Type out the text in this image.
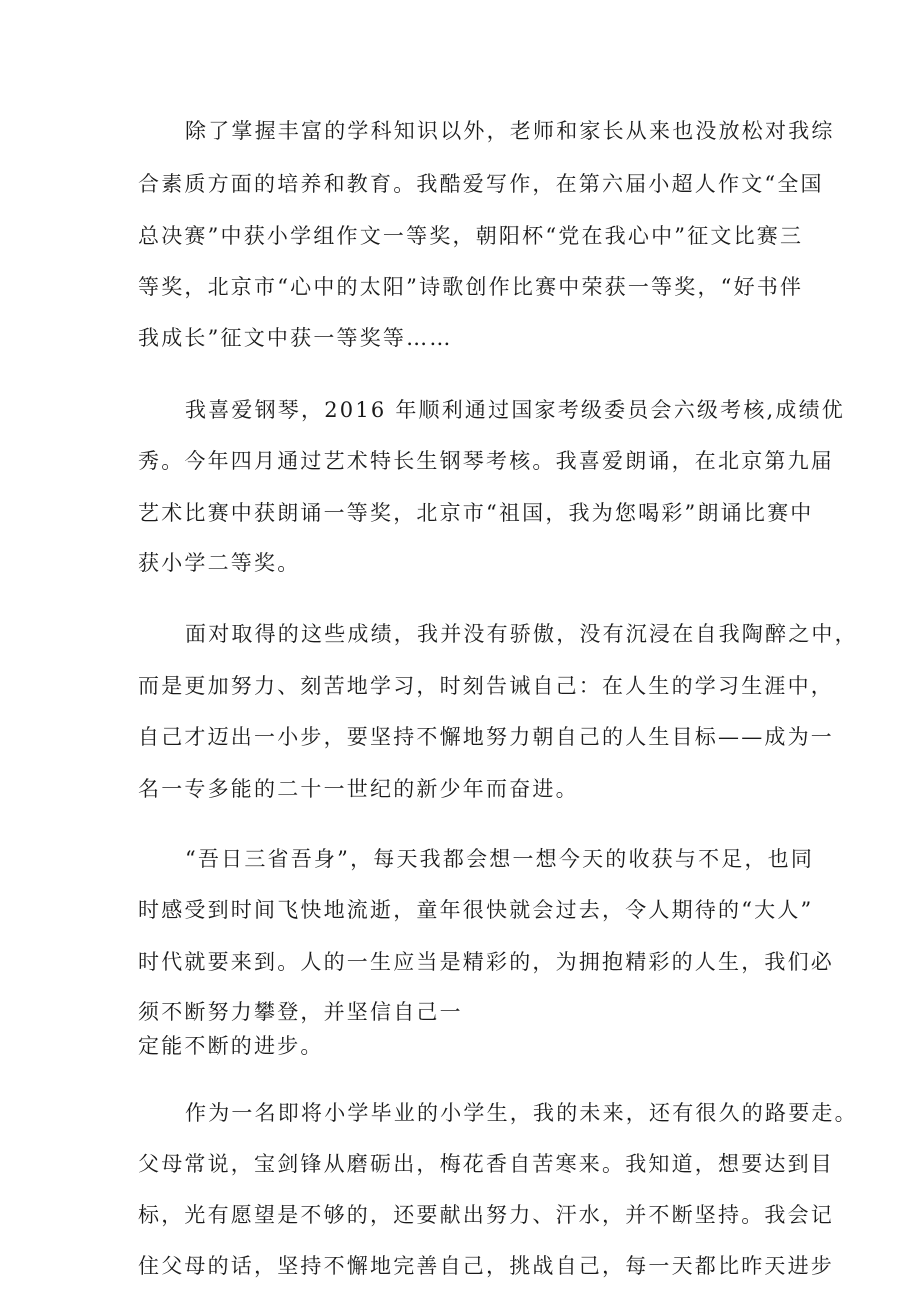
除了掌握丰富的学科知识以外，老师和家长从来也没放松对我综

合素质方面的培养和教育。我酷爱写作，在第六届小超人作文“全国

总决赛”中获小学组作文一等奖，朝阳杯“党在我心中”征文比赛三

等奖，北京市“心中的太阳”诗歌创作比赛中荣获一等奖，“好书伴

我成长”征文中获一等奖等……

我喜爱钢琴，2016 年顺利通过国家考级委员会六级考核,成绩优

秀。今年四月通过艺术特长生钢琴考核。我喜爱朗诵，在北京第九届

艺术比赛中获朗诵一等奖，北京市“祖国，我为您喝彩”朗诵比赛中

获小学二等奖。

面对取得的这些成绩，我并没有骄傲，没有沉浸在自我陶醉之中，

而是更加努力、刻苦地学习，时刻告诫自己：在人生的学习生涯中，

自己才迈出一小步，要坚持不懈地努力朝自己的人生目标——成为一

名一专多能的二十一世纪的新少年而奋进。

“吾日三省吾身”，每天我都会想一想今天的收获与不足，也同

时感受到时间飞快地流逝，童年很快就会过去，令人期待的“大人”

时代就要来到。人的一生应当是精彩的，为拥抱精彩的人生，我们必

须不断努力攀登，并坚信自己一

定能不断的进步。

作为一名即将小学毕业的小学生，我的未来，还有很久的路要走。

父母常说，宝剑锋从磨砺出，梅花香自苦寒来。我知道，想要达到目

标，光有愿望是不够的，还要献出努力、汗水，并不断坚持。我会记

住父母的话，坚持不懈地完善自己，挑战自己，每一天都比昨天进步
